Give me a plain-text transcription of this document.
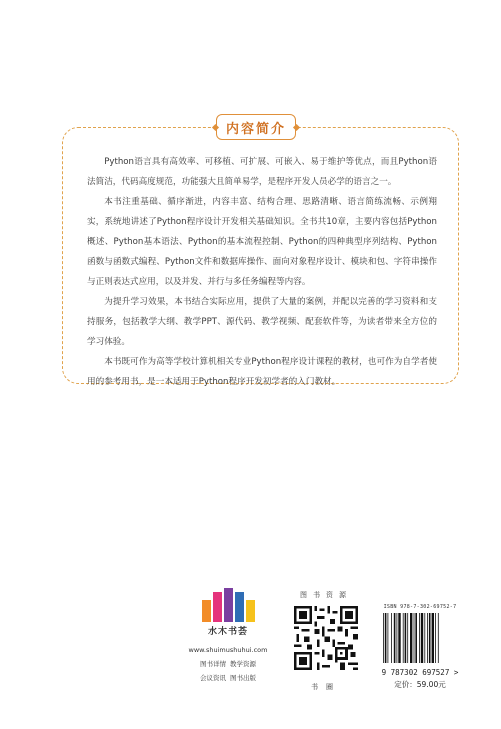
内容简介

Python语言具有高效率、可移植、可扩展、可嵌入、易于维护等优点，而且Python语法简洁，代码高度规范，功能强大且简单易学，是程序开发人员必学的语言之一。

本书注重基础、循序渐进，内容丰富、结构合理、思路清晰、语言简练流畅、示例翔实，系统地讲述了Python程序设计开发相关基础知识。全书共10章，主要内容包括Python概述、Python基本语法、Python的基本流程控制、Python的四种典型序列结构、Python函数与函数式编程、Python文件和数据库操作、面向对象程序设计、模块和包、字符串操作与正则表达式应用，以及并发、并行与多任务编程等内容。

为提升学习效果，本书结合实际应用，提供了大量的案例，并配以完善的学习资料和支持服务，包括教学大纲、教学PPT、源代码、教学视频、配套软件等，为读者带来全方位的学习体验。

本书既可作为高等学校计算机相关专业Python程序设计课程的教材，也可作为自学者使用的参考用书，是一本适用于Python程序开发初学者的入门教材。

水木书荟
www.shuimushuhui.com
图书详情 教学资源
会议资讯 图书出版
图书资源
书圈
ISBN 978-7-302-69752-7
9 787302 697527 >
定价：59.00元
